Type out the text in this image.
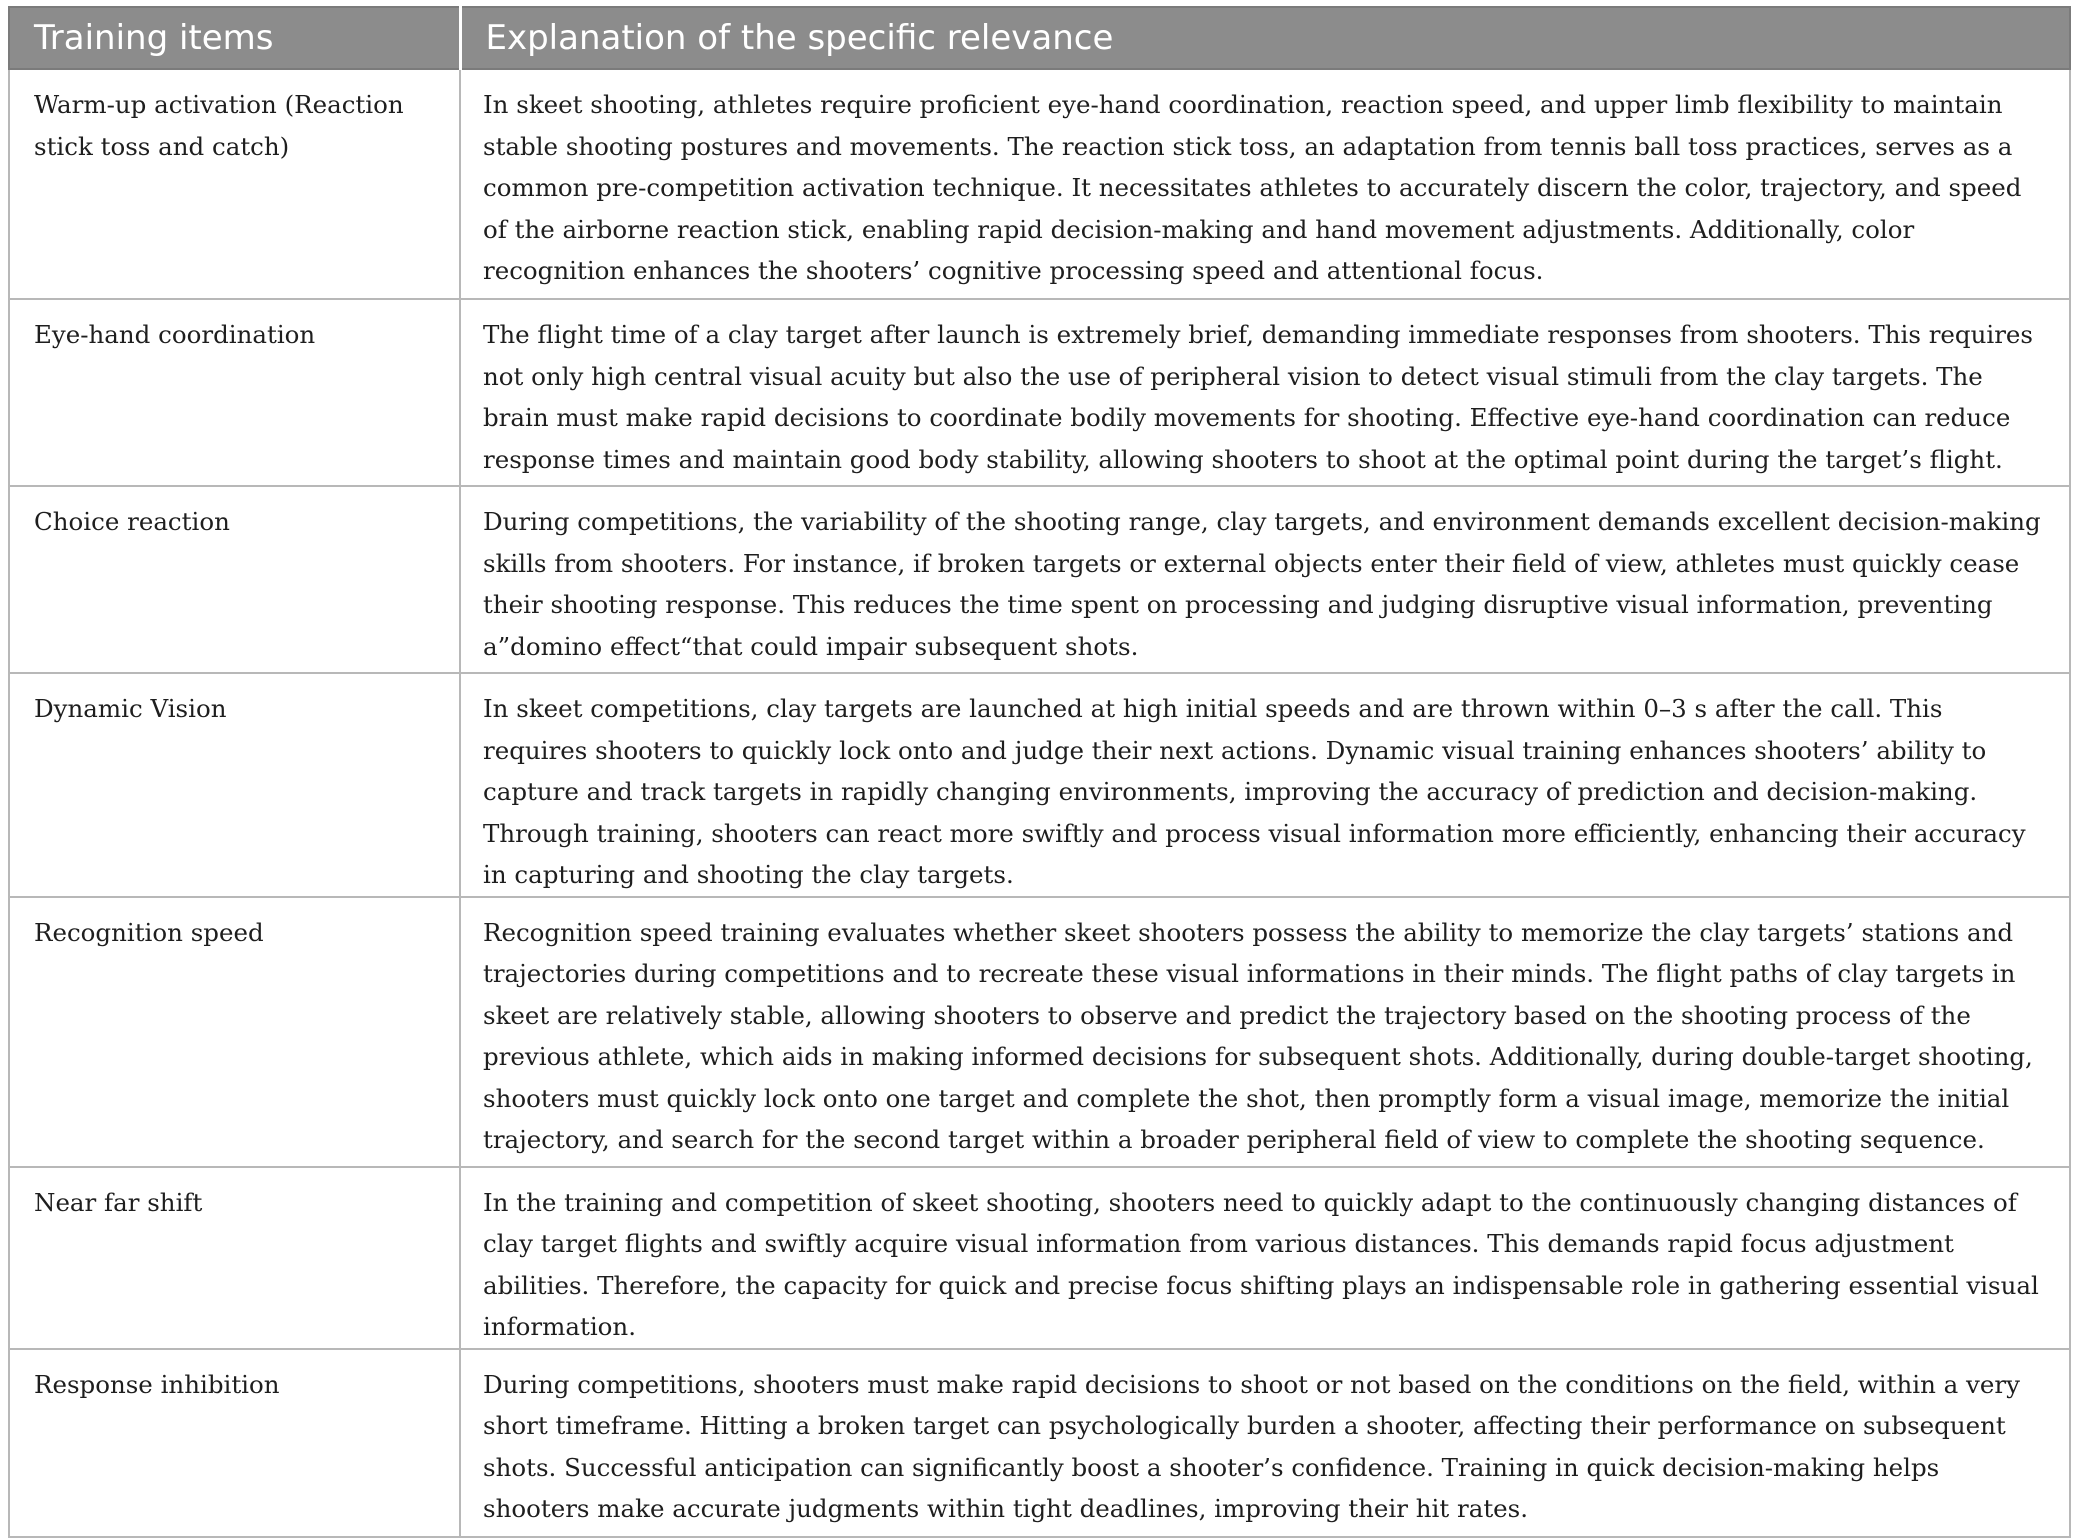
Training items	Explanation of the specific relevance
Warm-up activation (Reaction stick toss and catch)	In skeet shooting, athletes require proficient eye-hand coordination, reaction speed, and upper limb flexibility to maintain stable shooting postures and movements. The reaction stick toss, an adaptation from tennis ball toss practices, serves as a common pre-competition activation technique. It necessitates athletes to accurately discern the color, trajectory, and speed of the airborne reaction stick, enabling rapid decision-making and hand movement adjustments. Additionally, color recognition enhances the shooters’ cognitive processing speed and attentional focus.
Eye-hand coordination	The flight time of a clay target after launch is extremely brief, demanding immediate responses from shooters. This requires not only high central visual acuity but also the use of peripheral vision to detect visual stimuli from the clay targets. The brain must make rapid decisions to coordinate bodily movements for shooting. Effective eye-hand coordination can reduce response times and maintain good body stability, allowing shooters to shoot at the optimal point during the target’s flight.
Choice reaction	During competitions, the variability of the shooting range, clay targets, and environment demands excellent decision-making skills from shooters. For instance, if broken targets or external objects enter their field of view, athletes must quickly cease their shooting response. This reduces the time spent on processing and judging disruptive visual information, preventing a”domino effect“that could impair subsequent shots.
Dynamic Vision	In skeet competitions, clay targets are launched at high initial speeds and are thrown within 0–3 s after the call. This requires shooters to quickly lock onto and judge their next actions. Dynamic visual training enhances shooters’ ability to capture and track targets in rapidly changing environments, improving the accuracy of prediction and decision-making. Through training, shooters can react more swiftly and process visual information more efficiently, enhancing their accuracy in capturing and shooting the clay targets.
Recognition speed	Recognition speed training evaluates whether skeet shooters possess the ability to memorize the clay targets’ stations and trajectories during competitions and to recreate these visual informations in their minds. The flight paths of clay targets in skeet are relatively stable, allowing shooters to observe and predict the trajectory based on the shooting process of the previous athlete, which aids in making informed decisions for subsequent shots. Additionally, during double-target shooting, shooters must quickly lock onto one target and complete the shot, then promptly form a visual image, memorize the initial trajectory, and search for the second target within a broader peripheral field of view to complete the shooting sequence.
Near far shift	In the training and competition of skeet shooting, shooters need to quickly adapt to the continuously changing distances of clay target flights and swiftly acquire visual information from various distances. This demands rapid focus adjustment abilities. Therefore, the capacity for quick and precise focus shifting plays an indispensable role in gathering essential visual information.
Response inhibition	During competitions, shooters must make rapid decisions to shoot or not based on the conditions on the field, within a very short timeframe. Hitting a broken target can psychologically burden a shooter, affecting their performance on subsequent shots. Successful anticipation can significantly boost a shooter’s confidence. Training in quick decision-making helps shooters make accurate judgments within tight deadlines, improving their hit rates.
